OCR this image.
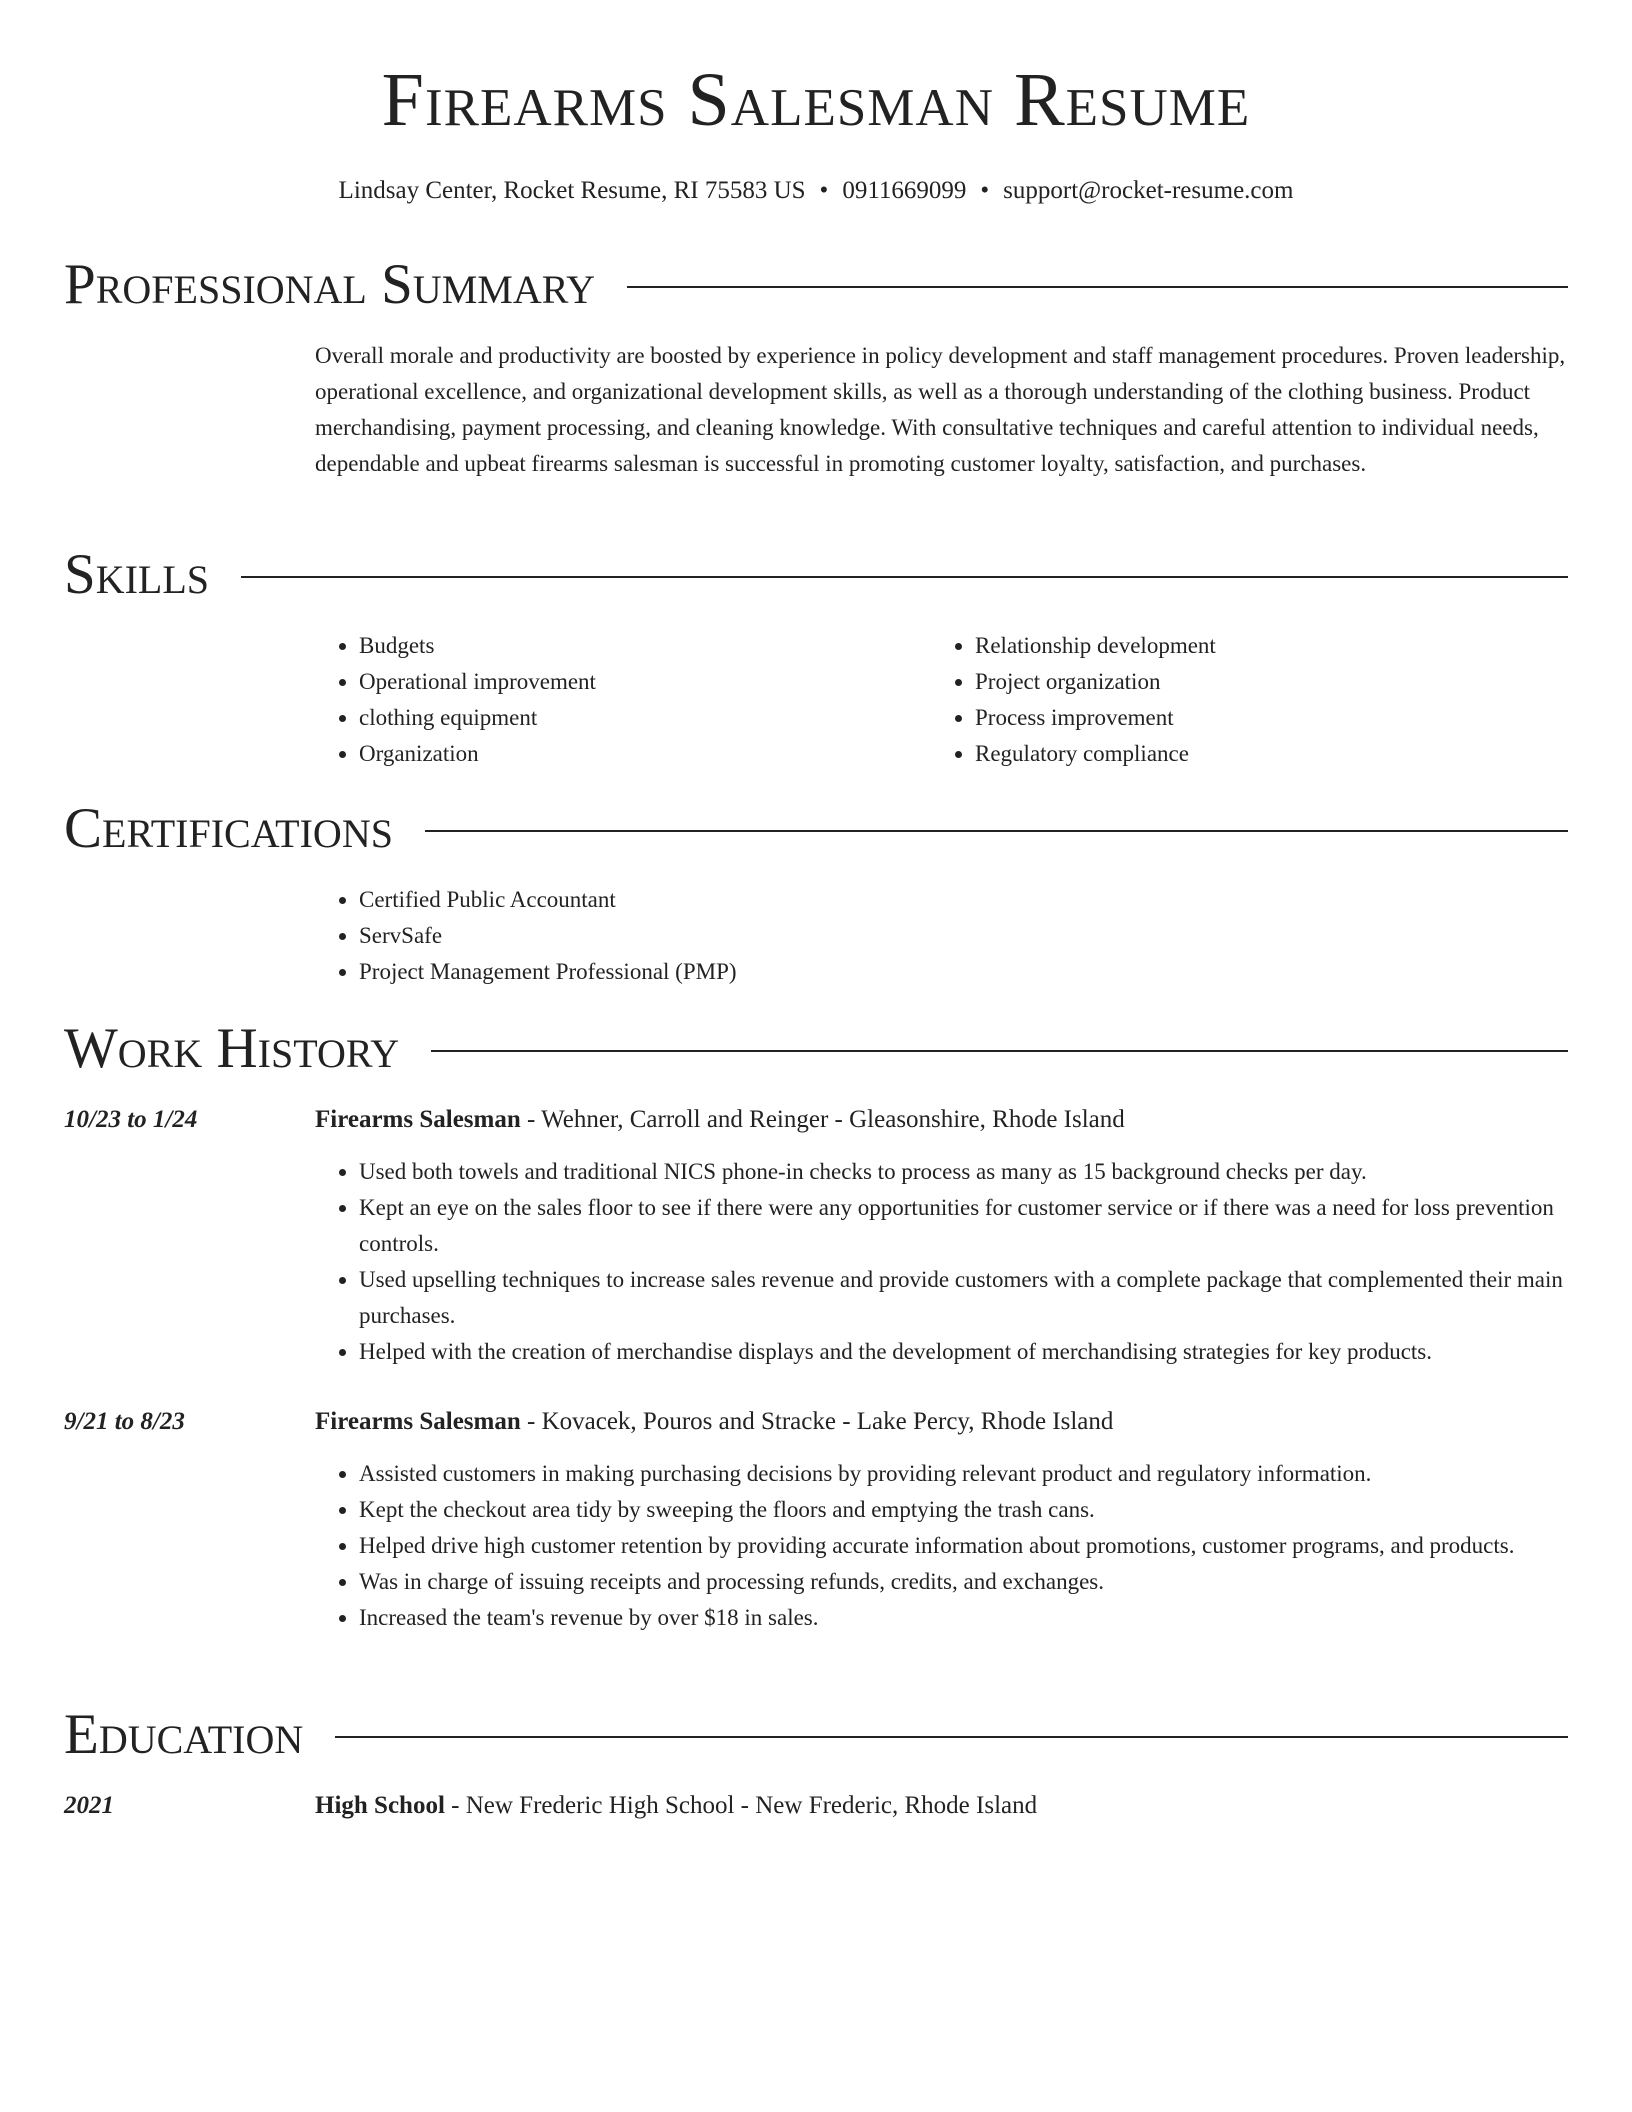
Firearms Salesman Resume
Lindsay Center, Rocket Resume, RI 75583 US • 0911669099 • support@rocket-resume.com
Professional Summary

Overall morale and productivity are boosted by experience in policy development and staff management procedures. Proven leadership, operational excellence, and organizational development skills, as well as a thorough understanding of the clothing business. Product merchandising, payment processing, and cleaning knowledge. With consultative techniques and careful attention to individual needs, dependable and upbeat firearms salesman is successful in promoting customer loyalty, satisfaction, and purchases.

Skills
• Budgets
• Operational improvement
• clothing equipment
• Organization
• Relationship development
• Project organization
• Process improvement
• Regulatory compliance
Certifications
• Certified Public Accountant
• ServSafe
• Project Management Professional (PMP)
Work History
10/23 to 1/24	Firearms Salesman - Wehner, Carroll and Reinger - Gleasonshire, Rhode Island
• Used both towels and traditional NICS phone-in checks to process as many as 15 background checks per day.
• Kept an eye on the sales floor to see if there were any opportunities for customer service or if there was a need for loss prevention controls.
• Used upselling techniques to increase sales revenue and provide customers with a complete package that complemented their main purchases.
• Helped with the creation of merchandise displays and the development of merchandising strategies for key products.
9/21 to 8/23	Firearms Salesman - Kovacek, Pouros and Stracke - Lake Percy, Rhode Island
• Assisted customers in making purchasing decisions by providing relevant product and regulatory information.
• Kept the checkout area tidy by sweeping the floors and emptying the trash cans.
• Helped drive high customer retention by providing accurate information about promotions, customer programs, and products.
• Was in charge of issuing receipts and processing refunds, credits, and exchanges.
• Increased the team's revenue by over $18 in sales.
Education
2021	High School - New Frederic High School - New Frederic, Rhode Island
